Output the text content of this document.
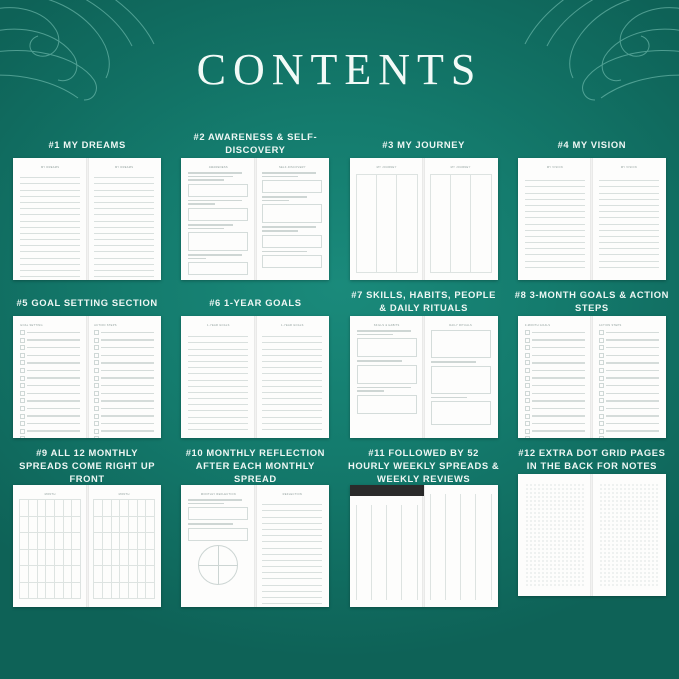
CONTENTS
#1 MY DREAMS
MY DREAMS	MY DREAMS
#2 AWARENESS & SELF-DISCOVERY
AWARENESS	SELF-DISCOVERY
#3 MY JOURNEY
MY JOURNEY	MY JOURNEY
#4 MY VISION
MY VISION	MY VISION
#5 GOAL SETTING SECTION
GOAL SETTING	ACTION STEPS
#6 1-YEAR GOALS
1-YEAR GOALS	1-YEAR GOALS
#7 SKILLS, HABITS, PEOPLE & DAILY RITUALS
SKILLS & HABITS	DAILY RITUALS
#8 3-MONTH GOALS & ACTION STEPS
3-MONTH GOALS	ACTION STEPS
#9 ALL 12 MONTHLY SPREADS COME RIGHT UP FRONT
MONTH	MONTH
#10 MONTHLY REFLECTION AFTER EACH MONTHLY SPREAD
MONTHLY REFLECTION	REFLECTION
#11 FOLLOWED BY 52 HOURLY WEEKLY SPREADS & WEEKLY REVIEWS
#12 EXTRA DOT GRID PAGES IN THE BACK FOR NOTES
